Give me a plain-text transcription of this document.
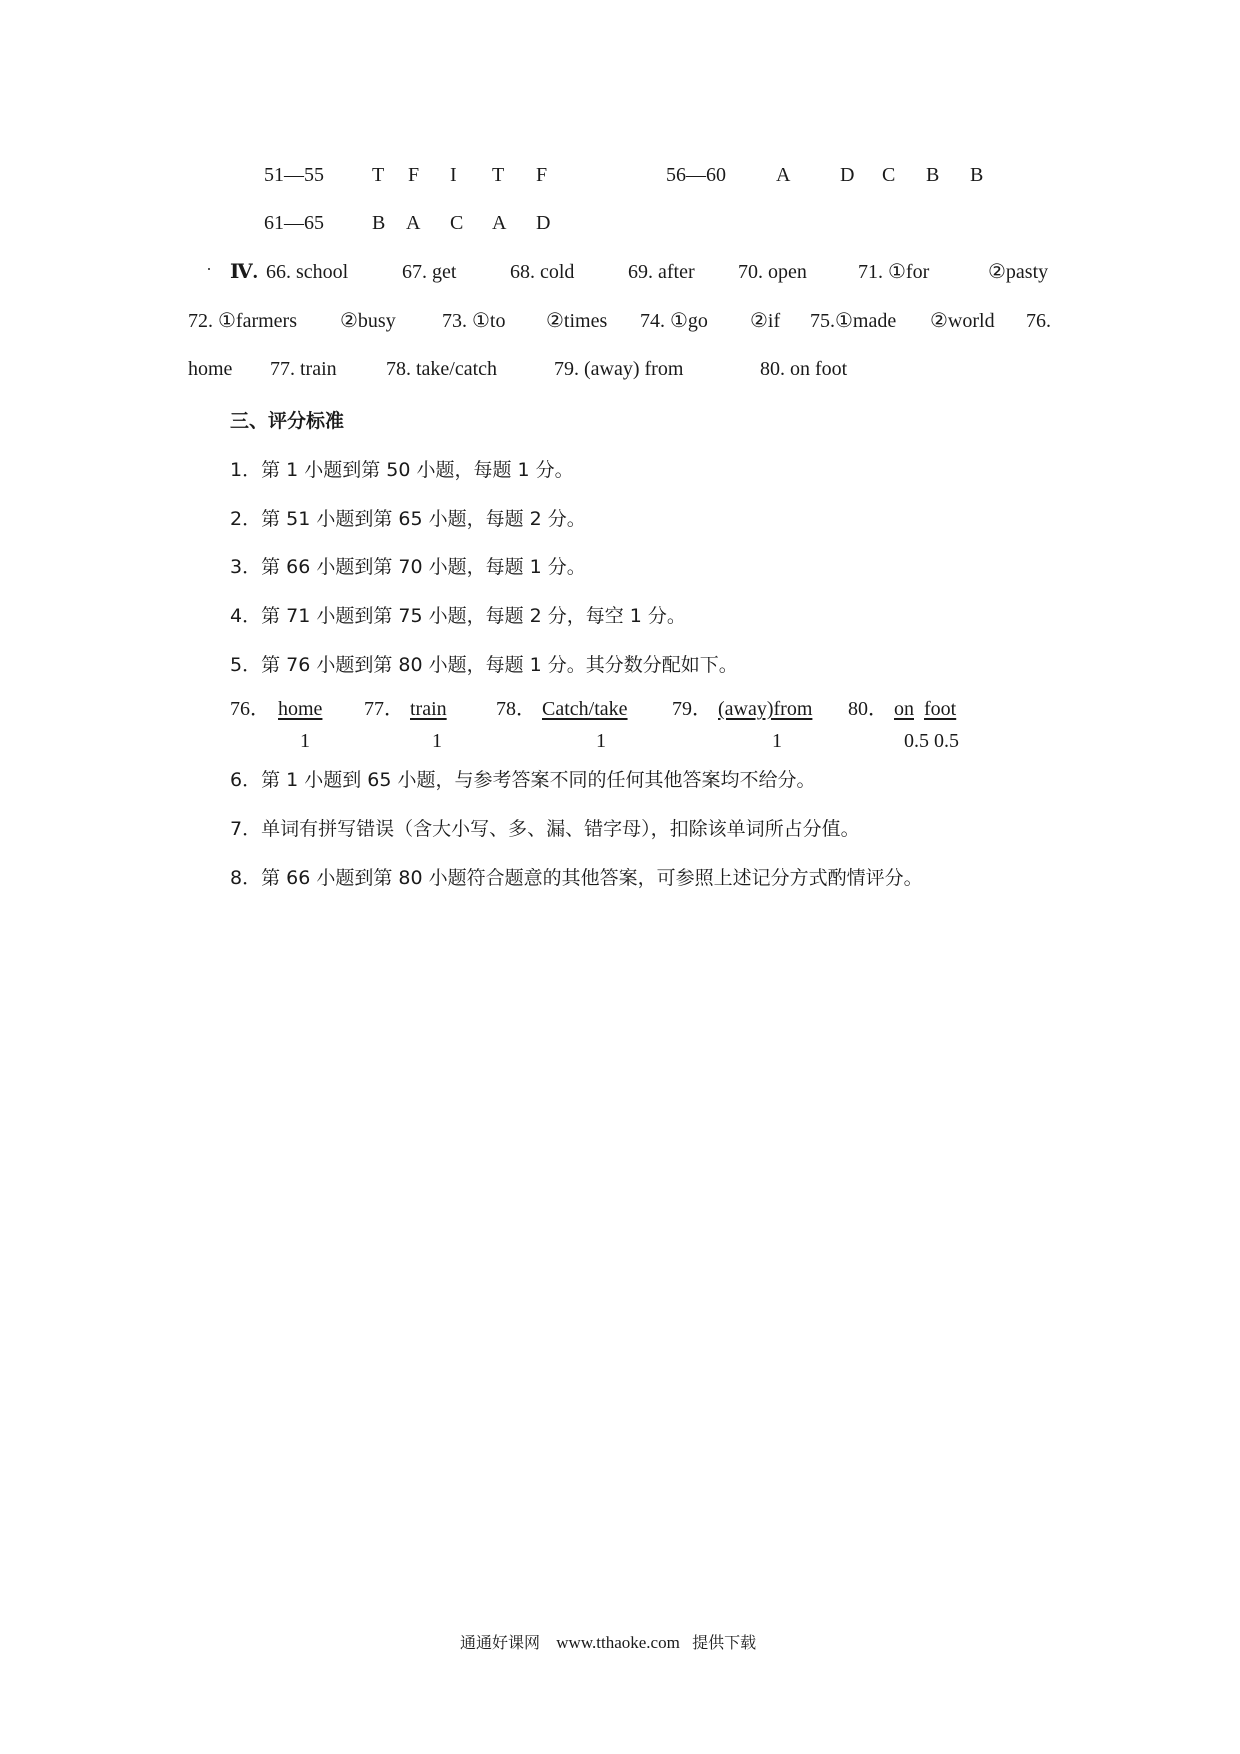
51—55 T F I T F	56—60	A D C B B
61—65 B A C A D
Ⅳ. 66. school	67. get	68. cold	69. after 70. open	71. ①for	②pasty
72. ①farmers ②busy 73. ①to ②times 74. ①go ②if 75.①made ②world 76.
home 77. train 78. take/catch	79. (away) from	80. on foot
三、评分标准
1．第 1 小题到第 50 小题，每题 1 分。
2．第 51 小题到第 65 小题，每题 2 分。
3．第 66 小题到第 70 小题，每题 1 分。
4．第 71 小题到第 75 小题，每题 2 分，每空 1 分。
5．第 76 小题到第 80 小题，每题 1 分。其分数分配如下。
76． home 77． train 78． Catch/take 79． (away)from 80． on foot
1	1	1	1	0.5 0.5
6．第 1 小题到 65 小题，与参考答案不同的任何其他答案均不给分。
7．单词有拼写错误（含大小写、多、漏、错字母），扣除该单词所占分值。
8．第 66 小题到第 80 小题符合题意的其他答案，可参照上述记分方式酌情评分。
通通好课网 www.tthaoke.com 提供下载
